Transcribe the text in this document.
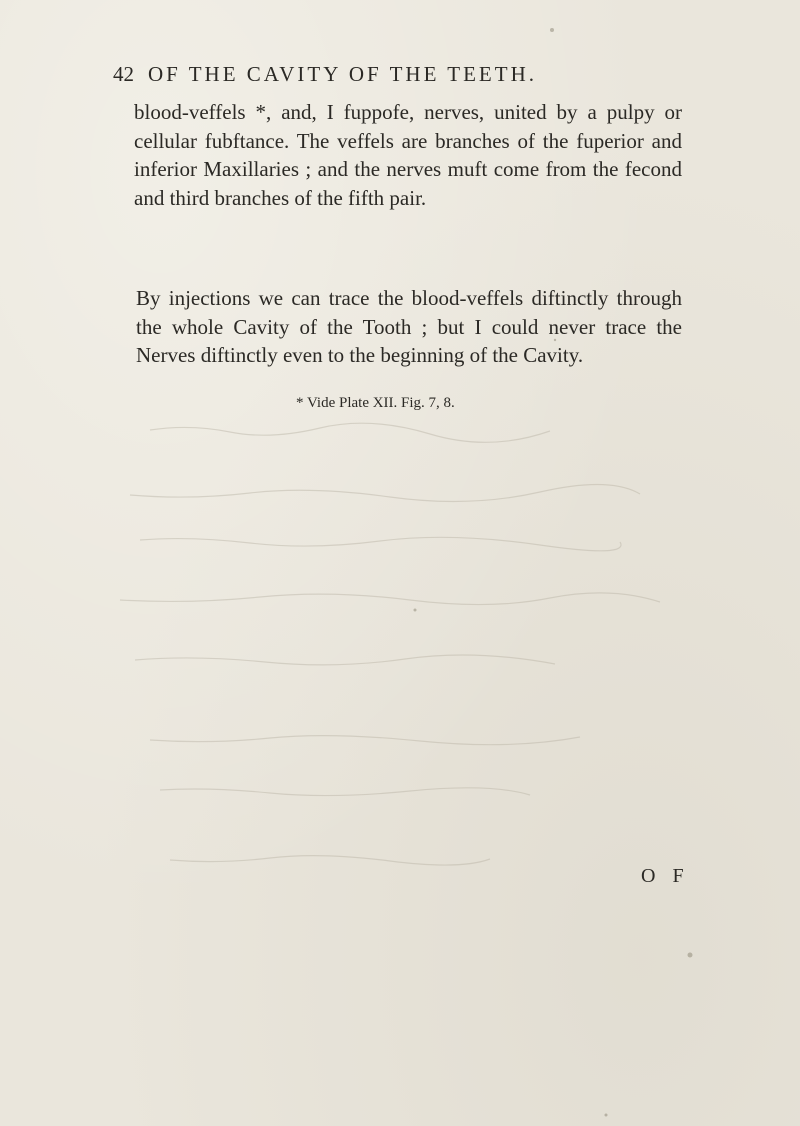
42 OF THE CAVITY OF THE TEETH.
blood-veffels *, and, I fuppofe, nerves, united by a pulpy or cellular fubftance. The veffels are branches of the fuperior and inferior Maxillaries ; and the nerves muft come from the fecond and third branches of the fifth pair.
By injections we can trace the blood-veffels diftinctly through the whole Cavity of the Tooth ; but I could never trace the Nerves diftinctly even to the beginning of the Cavity.
* Vide Plate XII. Fig. 7, 8.
O F
